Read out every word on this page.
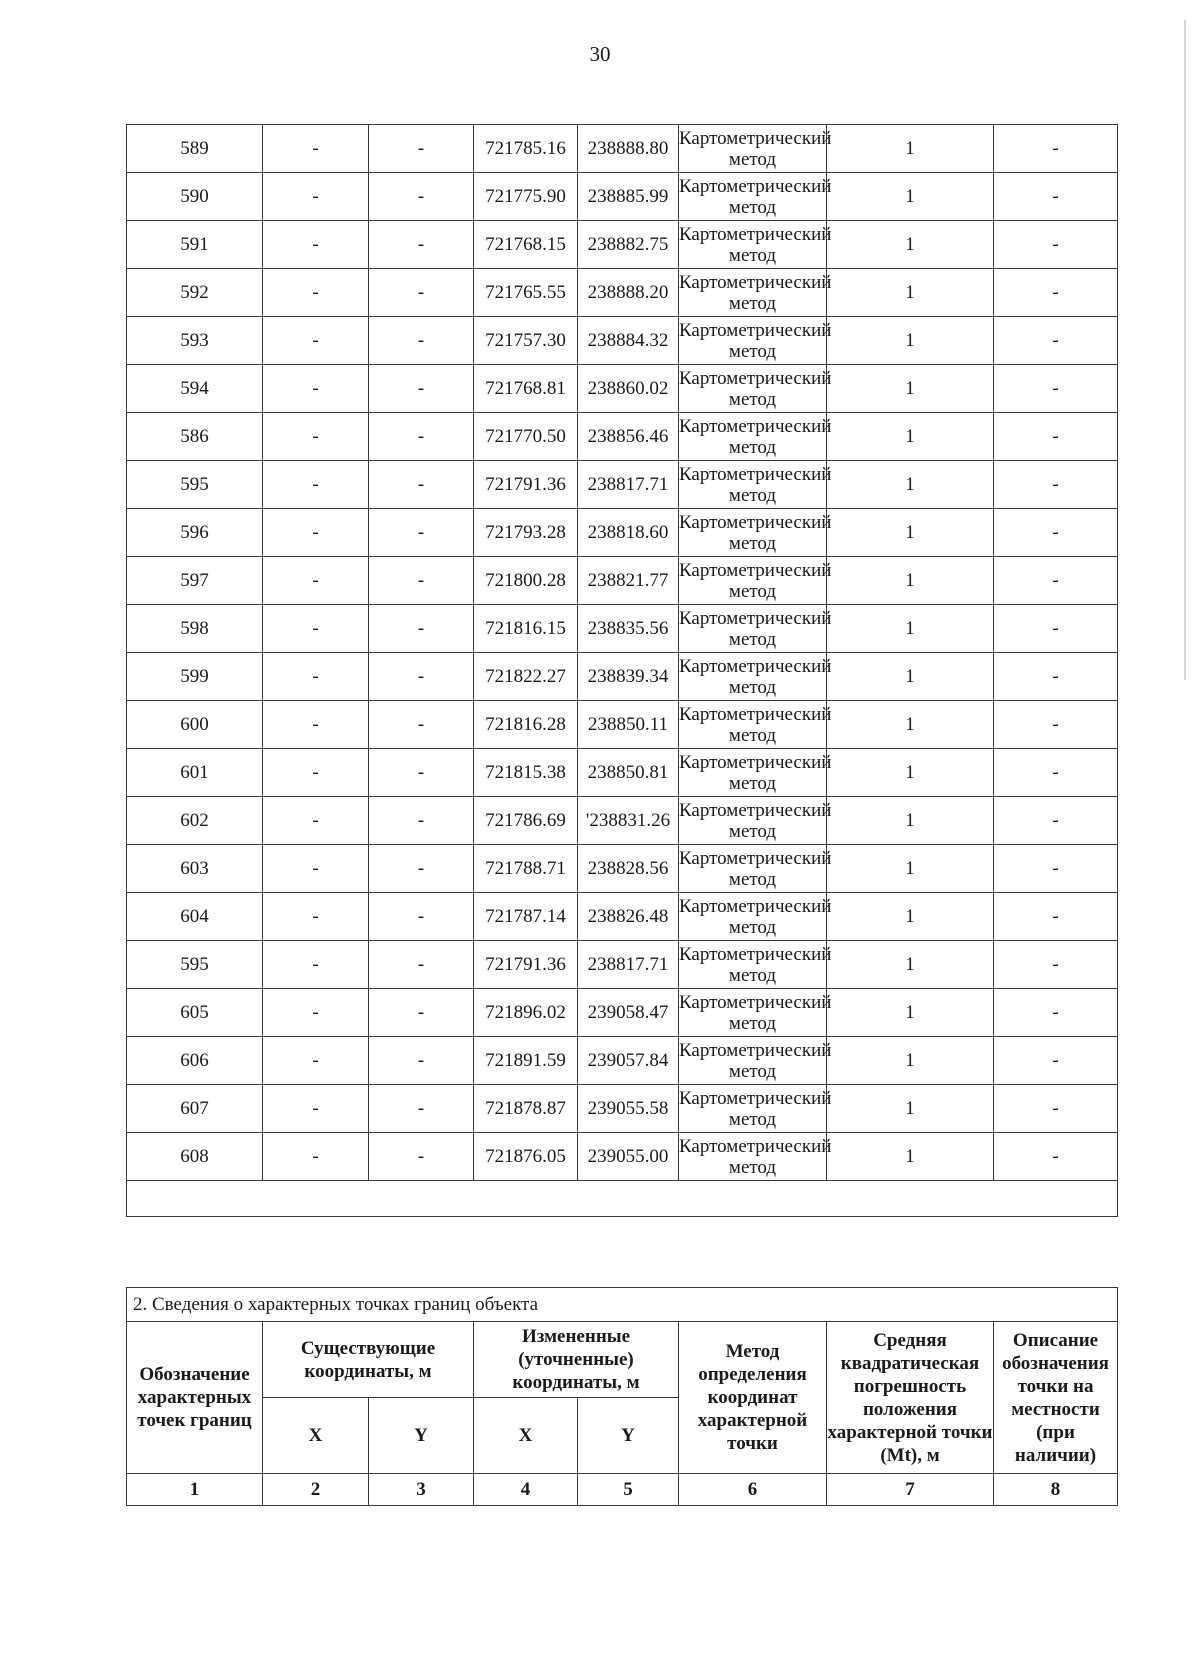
30
589	-	-	721785.16	238888.80	Картометрический метод	1	-
590	-	-	721775.90	238885.99	Картометрический метод	1	-
591	-	-	721768.15	238882.75	Картометрический метод	1	-
592	-	-	721765.55	238888.20	Картометрический метод	1	-
593	-	-	721757.30	238884.32	Картометрический метод	1	-
594	-	-	721768.81	238860.02	Картометрический метод	1	-
586	-	-	721770.50	238856.46	Картометрический метод	1	-
595	-	-	721791.36	238817.71	Картометрический метод	1	-
596	-	-	721793.28	238818.60	Картометрический метод	1	-
597	-	-	721800.28	238821.77	Картометрический метод	1	-
598	-	-	721816.15	238835.56	Картометрический метод	1	-
599	-	-	721822.27	238839.34	Картометрический метод	1	-
600	-	-	721816.28	238850.11	Картометрический метод	1	-
601	-	-	721815.38	238850.81	Картометрический метод	1	-
602	-	-	721786.69	'238831.26	Картометрический метод	1	-
603	-	-	721788.71	238828.56	Картометрический метод	1	-
604	-	-	721787.14	238826.48	Картометрический метод	1	-
595	-	-	721791.36	238817.71	Картометрический метод	1	-
605	-	-	721896.02	239058.47	Картометрический метод	1	-
606	-	-	721891.59	239057.84	Картометрический метод	1	-
607	-	-	721878.87	239055.58	Картометрический метод	1	-
608	-	-	721876.05	239055.00	Картометрический метод	1	-

2. Сведения о характерных точках границ объекта							
Обозначение характерных точек границ	Существующие координаты, м		Измененные (уточненные) координаты, м		Метод определения координат характерной точки	Средняя квадратическая погрешность положения характерной точки (Mt), м	Описание обозначения точки на местности (при наличии)
	X	Y	X	Y			
1	2	3	4	5	6	7	8
